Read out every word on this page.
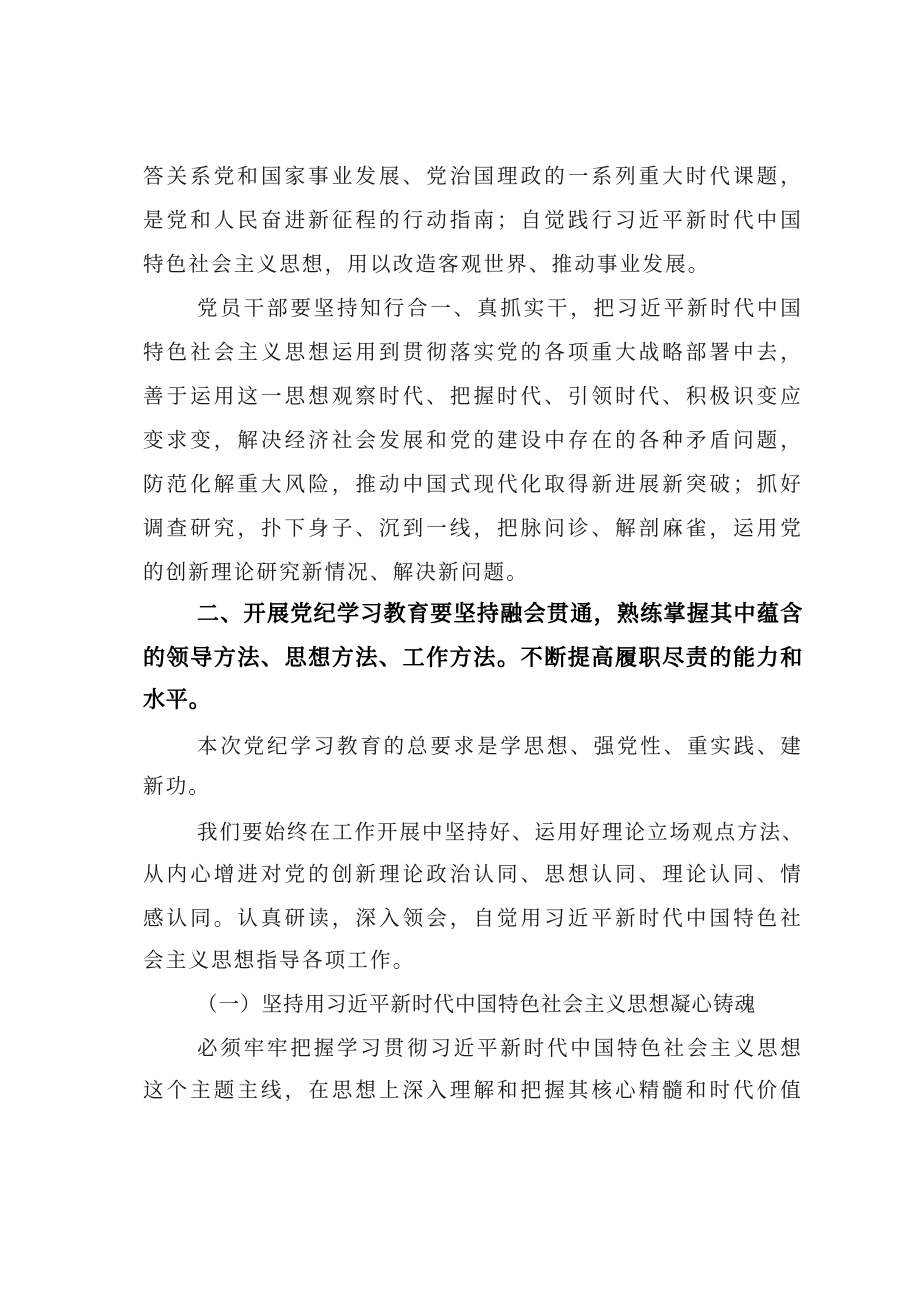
答关系党和国家事业发展、党治国理政的一系列重大时代课题，
是党和人民奋进新征程的行动指南；自觉践行习近平新时代中国
特色社会主义思想，用以改造客观世界、推动事业发展。
党员干部要坚持知行合一、真抓实干，把习近平新时代中国
特色社会主义思想运用到贯彻落实党的各项重大战略部署中去，
善于运用这一思想观察时代、把握时代、引领时代、积极识变应
变求变，解决经济社会发展和党的建设中存在的各种矛盾问题，
防范化解重大风险，推动中国式现代化取得新进展新突破；抓好
调查研究，扑下身子、沉到一线，把脉问诊、解剖麻雀，运用党
的创新理论研究新情况、解决新问题。
二、开展党纪学习教育要坚持融会贯通，熟练掌握其中蕴含
的领导方法、思想方法、工作方法。不断提高履职尽责的能力和
水平。
本次党纪学习教育的总要求是学思想、强党性、重实践、建
新功。
我们要始终在工作开展中坚持好、运用好理论立场观点方法、
从内心增进对党的创新理论政治认同、思想认同、理论认同、情
感认同。认真研读，深入领会，自觉用习近平新时代中国特色社
会主义思想指导各项工作。
（一）坚持用习近平新时代中国特色社会主义思想凝心铸魂
必须牢牢把握学习贯彻习近平新时代中国特色社会主义思想
这个主题主线，在思想上深入理解和把握其核心精髓和时代价值
